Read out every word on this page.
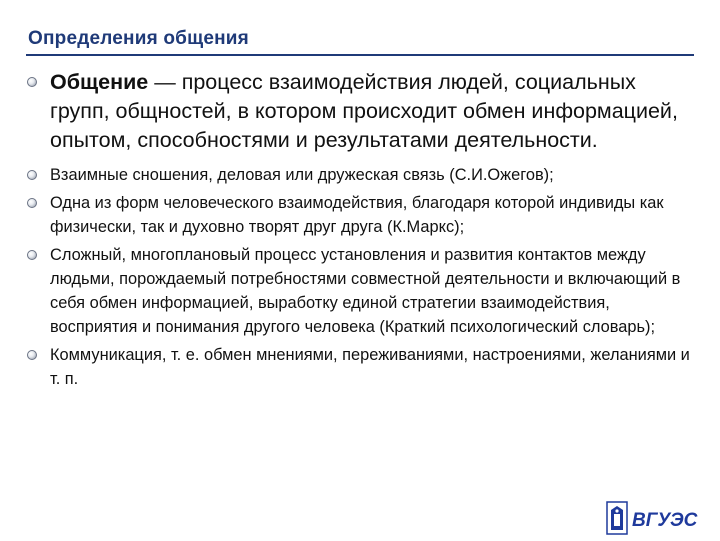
Определения общения
Общение — процесс взаимодействия людей, социальных групп, общностей, в котором происходит обмен информацией, опытом, способностями и результатами деятельности.
Взаимные сношения, деловая или дружеская связь (С.И.Ожегов);
Одна из форм человеческого взаимодействия, благодаря которой индивиды как физически, так и духовно творят друг друга (К.Маркс);
Сложный, многоплановый процесс установления и развития контактов между людьми, порождаемый потребностями совместной деятельности и включающий в себя обмен информацией, выработку единой стратегии взаимодействия, восприятия и понимания другого человека (Краткий психологический словарь);
Коммуникация, т. е. обмен мнениями, переживаниями, настроениями, желаниями и т. п.
ВГУЭС
